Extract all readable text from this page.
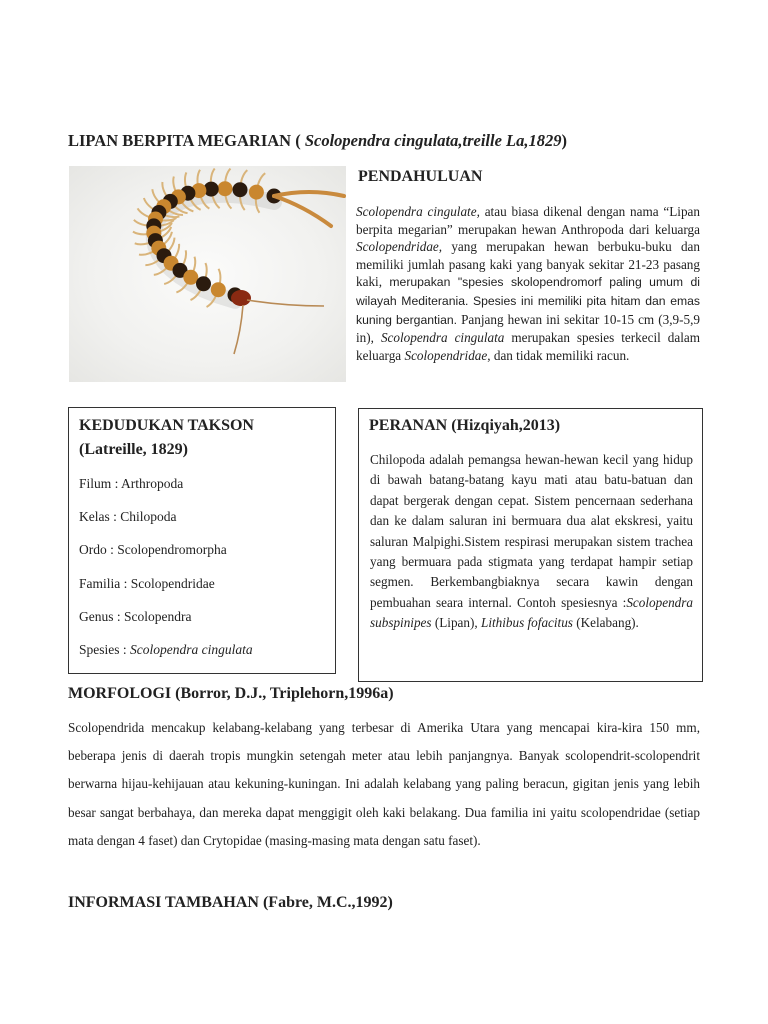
LIPAN BERPITA MEGARIAN ( Scolopendra cingulata,treille La,1829)
PENDAHULUAN

Scolopendra cingulate, atau biasa dikenal dengan nama “Lipan berpita megarian” merupakan hewan Anthropoda dari keluarga Scolopendridae, yang merupakan hewan berbuku-buku dan memiliki jumlah pasang kaki yang banyak sekitar 21-23 pasang kaki, merupakan "spesies skolopendromorf paling umum di wilayah Mediterania. Spesies ini memiliki pita hitam dan emas kuning bergantian. Panjang hewan ini sekitar 10-15 cm (3,9-5,9 in), Scolopendra cingulata merupakan spesies terkecil dalam keluarga Scolopendridae, dan tidak memiliki racun.

KEDUDUKAN TAKSON
(Latreille, 1829)

Filum : Arthropoda

Kelas : Chilopoda

Ordo : Scolopendromorpha

Familia : Scolopendridae

Genus : Scolopendra

Spesies : Scolopendra cingulata

PERANAN (Hizqiyah,2013)

Chilopoda adalah pemangsa hewan-hewan kecil yang hidup di bawah batang-batang kayu mati atau batu-batuan dan dapat bergerak dengan cepat. Sistem pencernaan sederhana dan ke dalam saluran ini bermuara dua alat ekskresi, yaitu saluran Malpighi.Sistem respirasi merupakan sistem trachea yang bermuara pada stigmata yang terdapat hampir setiap segmen. Berkembangbiaknya secara kawin dengan pembuahan seara internal. Contoh spesiesnya :Scolopendra subspinipes (Lipan), Lithibus fofacitus (Kelabang).

MORFOLOGI (Borror, D.J., Triplehorn,1996a)

Scolopendrida mencakup kelabang-kelabang yang terbesar di Amerika Utara yang mencapai kira-kira 150 mm, beberapa jenis di daerah tropis mungkin setengah meter atau lebih panjangnya. Banyak scolopendrit-scolopendrit berwarna hijau-kehijauan atau kekuning-kuningan. Ini adalah kelabang yang paling beracun, gigitan jenis yang lebih besar sangat berbahaya, dan mereka dapat menggigit oleh kaki belakang. Dua familia ini yaitu scolopendridae (setiap mata dengan 4 faset) dan Crytopidae (masing-masing mata dengan satu faset).

INFORMASI TAMBAHAN (Fabre, M.C.,1992)
